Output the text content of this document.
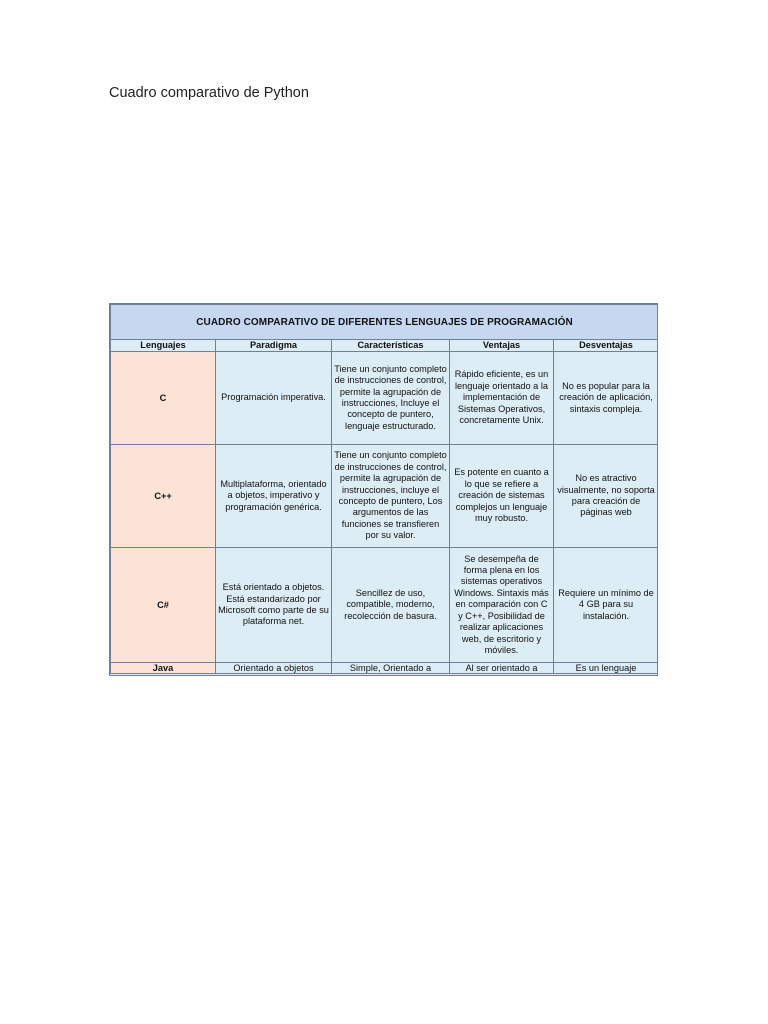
Cuadro comparativo de Python
CUADRO COMPARATIVO DE DIFERENTES LENGUAJES DE PROGRAMACIÓN				
Lenguajes	Paradigma	Características	Ventajas	Desventajas
C	Programación imperativa.	Tiene un conjunto completo de instrucciones de control, permite la agrupación de instrucciones, Incluye el concepto de puntero, lenguaje estructurado.	Rápido eficiente, es un lenguaje orientado a la implementación de Sistemas Operativos, concretamente Unix.	No es popular para la creación de aplicación, sintaxis compleja.
C++	Multiplataforma, orientado a objetos, imperativo y programación genérica.	Tiene un conjunto completo de instrucciones de control, permite la agrupación de instrucciones, incluye el concepto de puntero, Los argumentos de las funciones se transfieren por su valor.	Es potente en cuanto a lo que se refiere a creación de sistemas complejos un lenguaje muy robusto.	No es atractivo visualmente, no soporta para creación de páginas web
C#	Está orientado a objetos. Está estandarizado por Microsoft como parte de su plataforma net.	Sencillez de uso, compatible, moderno, recolección de basura.	Se desempeña de forma plena en los sistemas operativos Windows. Sintaxis más en comparación con C y C++, Posibilidad de realizar aplicaciones web, de escritorio y móviles.	Requiere un mínimo de 4 GB para su instalación.
Java	Orientado a objetos	Simple, Orientado a	Al ser orientado a	Es un lenguaje
